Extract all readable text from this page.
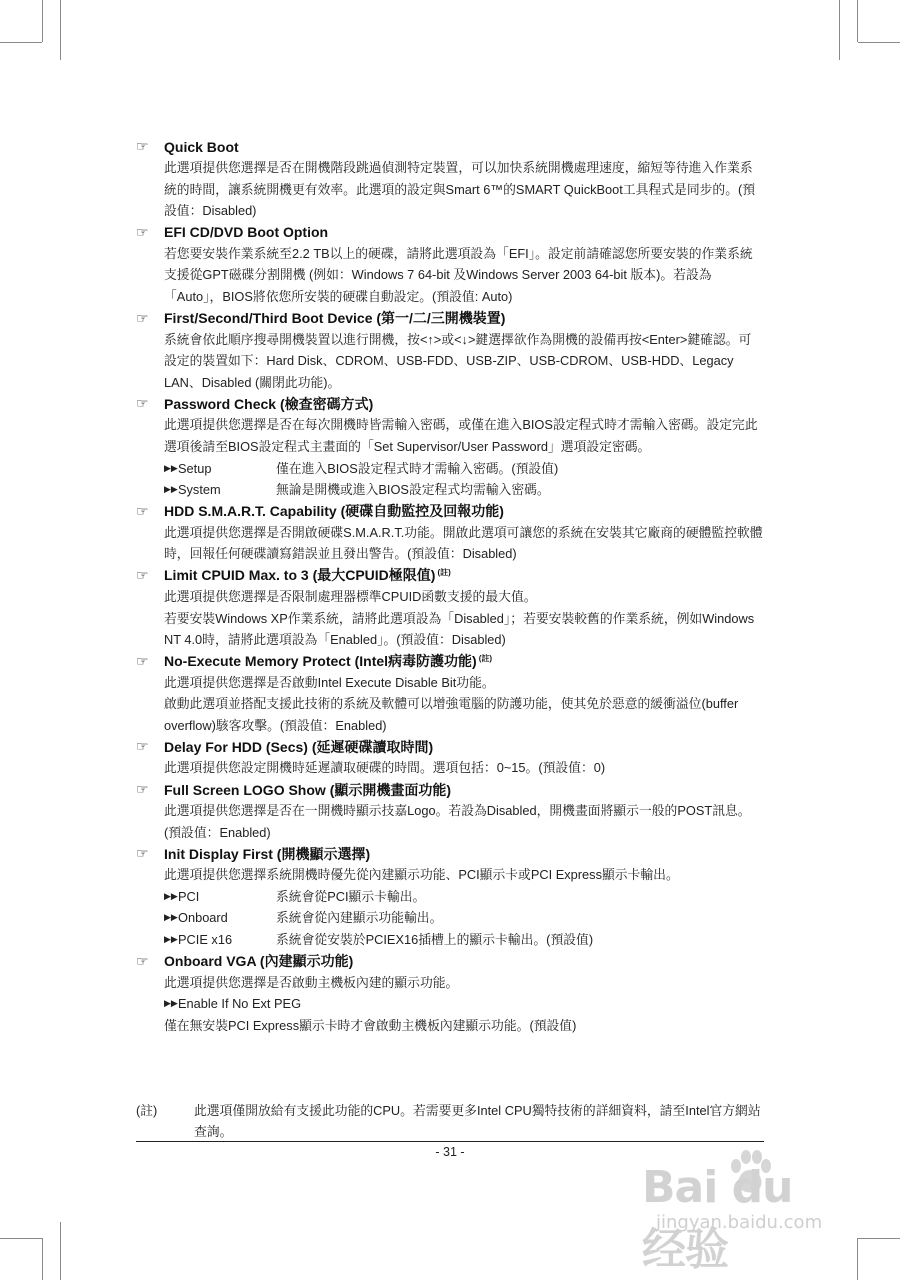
☞	Quick Boot
此選項提供您選擇是否在開機階段跳過偵測特定裝置，可以加快系統開機處理速度，縮短等待進入作業系統的時間，讓系統開機更有效率。此選項的設定與Smart 6™的SMART QuickBoot工具程式是同步的。(預設值：Disabled)
☞	EFI CD/DVD Boot Option
若您要安裝作業系統至2.2 TB以上的硬碟，請將此選項設為「EFI」。設定前請確認您所要安裝的作業系統支援從GPT磁碟分割開機 (例如：Windows 7 64-bit 及Windows Server 2003 64-bit 版本)。若設為「Auto」，BIOS將依您所安裝的硬碟自動設定。(預設值: Auto)
☞	First/Second/Third Boot Device (第一/二/三開機裝置)
系統會依此順序搜尋開機裝置以進行開機，按<↑>或<↓>鍵選擇欲作為開機的設備再按<Enter>鍵確認。可設定的裝置如下：Hard Disk、CDROM、USB-FDD、USB-ZIP、USB-CDROM、USB-HDD、Legacy LAN、Disabled (關閉此功能)。
☞	Password Check (檢查密碼方式)
此選項提供您選擇是否在每次開機時皆需輸入密碼，或僅在進入BIOS設定程式時才需輸入密碼。設定完此選項後請至BIOS設定程式主畫面的「Set Supervisor/User Password」選項設定密碼。
▶▶ Setup	僅在進入BIOS設定程式時才需輸入密碼。(預設值)
▶▶ System	無論是開機或進入BIOS設定程式均需輸入密碼。
☞	HDD S.M.A.R.T. Capability (硬碟自動監控及回報功能)
此選項提供您選擇是否開啟硬碟S.M.A.R.T.功能。開啟此選項可讓您的系統在安裝其它廠商的硬體監控軟體時，回報任何硬碟讀寫錯誤並且發出警告。(預設值：Disabled)
☞	Limit CPUID Max. to 3 (最大CPUID極限值) $^{(註)}$
此選項提供您選擇是否限制處理器標準CPUID函數支援的最大值。
若要安裝Windows XP作業系統，請將此選項設為「Disabled」；若要安裝較舊的作業系統，例如Windows NT 4.0時，請將此選項設為「Enabled」。(預設值：Disabled)
☞	No-Execute Memory Protect (Intel病毒防護功能) $^{(註)}$
此選項提供您選擇是否啟動Intel Execute Disable Bit功能。
啟動此選項並搭配支援此技術的系統及軟體可以增強電腦的防護功能，使其免於惡意的緩衝溢位(buffer overflow)駭客攻擊。(預設值：Enabled)
☞	Delay For HDD (Secs) (延遲硬碟讀取時間)
此選項提供您設定開機時延遲讀取硬碟的時間。選項包括：0~15。(預設值：0)
☞	Full Screen LOGO Show (顯示開機畫面功能)
此選項提供您選擇是否在一開機時顯示技嘉Logo。若設為Disabled，開機畫面將顯示一般的POST訊息。(預設值：Enabled)
☞	Init Display First (開機顯示選擇)
此選項提供您選擇系統開機時優先從內建顯示功能、PCI顯示卡或PCI Express顯示卡輸出。
▶▶ PCI	系統會從PCI顯示卡輸出。
▶▶ Onboard	系統會從內建顯示功能輸出。
▶▶ PCIE x16	系統會從安裝於PCIEX16插槽上的顯示卡輸出。(預設值)
☞	Onboard VGA (內建顯示功能)
此選項提供您選擇是否啟動主機板內建的顯示功能。
▶▶ Enable If No Ext PEG
僅在無安裝PCI Express顯示卡時才會啟動主機板內建顯示功能。(預設值)
(註)	此選項僅開放給有支援此功能的CPU。若需要更多Intel CPU獨特技術的詳細資料，請至Intel官方網站查詢。
- 31 -
Bai du 经验
jingyan.baidu.com
